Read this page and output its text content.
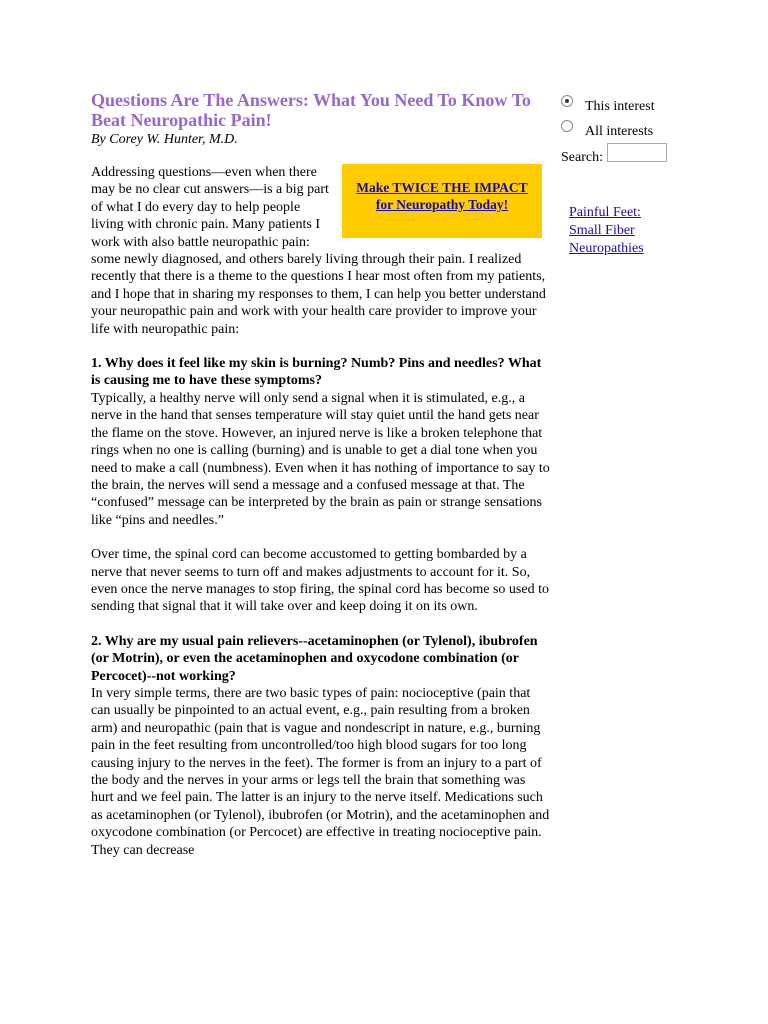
Questions Are The Answers: What You Need To Know To Beat Neuropathic Pain!
By Corey W. Hunter, M.D.
Make TWICE THE IMPACT
for Neuropathy Today!

Addressing questions—even when there may be no clear cut answers—is a big part of what I do every day to help people living with chronic pain. Many patients I work with also battle neuropathic pain: some newly diagnosed, and others barely living through their pain. I realized recently that there is a theme to the questions I hear most often from my patients, and I hope that in sharing my responses to them, I can help you better understand your neuropathic pain and work with your health care provider to improve your life with neuropathic pain:

1. Why does it feel like my skin is burning? Numb? Pins and needles? What is causing me to have these symptoms?

Typically, a healthy nerve will only send a signal when it is stimulated, e.g., a nerve in the hand that senses temperature will stay quiet until the hand gets near the flame on the stove. However, an injured nerve is like a broken telephone that rings when no one is calling (burning) and is unable to get a dial tone when you need to make a call (numbness). Even when it has nothing of importance to say to the brain, the nerves will send a message and a confused message at that. The “confused” message can be interpreted by the brain as pain or strange sensations like “pins and needles.”

Over time, the spinal cord can become accustomed to getting bombarded by a nerve that never seems to turn off and makes adjustments to account for it. So, even once the nerve manages to stop firing, the spinal cord has become so used to sending that signal that it will take over and keep doing it on its own.

2. Why are my usual pain relievers--acetaminophen (or Tylenol), ibubrofen (or Motrin), or even the acetaminophen and oxycodone combination (or Percocet)--not working?

In very simple terms, there are two basic types of pain: nocioceptive (pain that can usually be pinpointed to an actual event, e.g., pain resulting from a broken arm) and neuropathic (pain that is vague and nondescript in nature, e.g., burning pain in the feet resulting from uncontrolled/too high blood sugars for too long causing injury to the nerves in the feet). The former is from an injury to a part of the body and the nerves in your arms or legs tell the brain that something was hurt and we feel pain. The latter is an injury to the nerve itself. Medications such as acetaminophen (or Tylenol), ibubrofen (or Motrin), and the acetaminophen and oxycodone combination (or Percocet) are effective in treating nocioceptive pain. They can decrease

This interest
All interests
Search:
Painful Feet:
Small Fiber
Neuropathies
